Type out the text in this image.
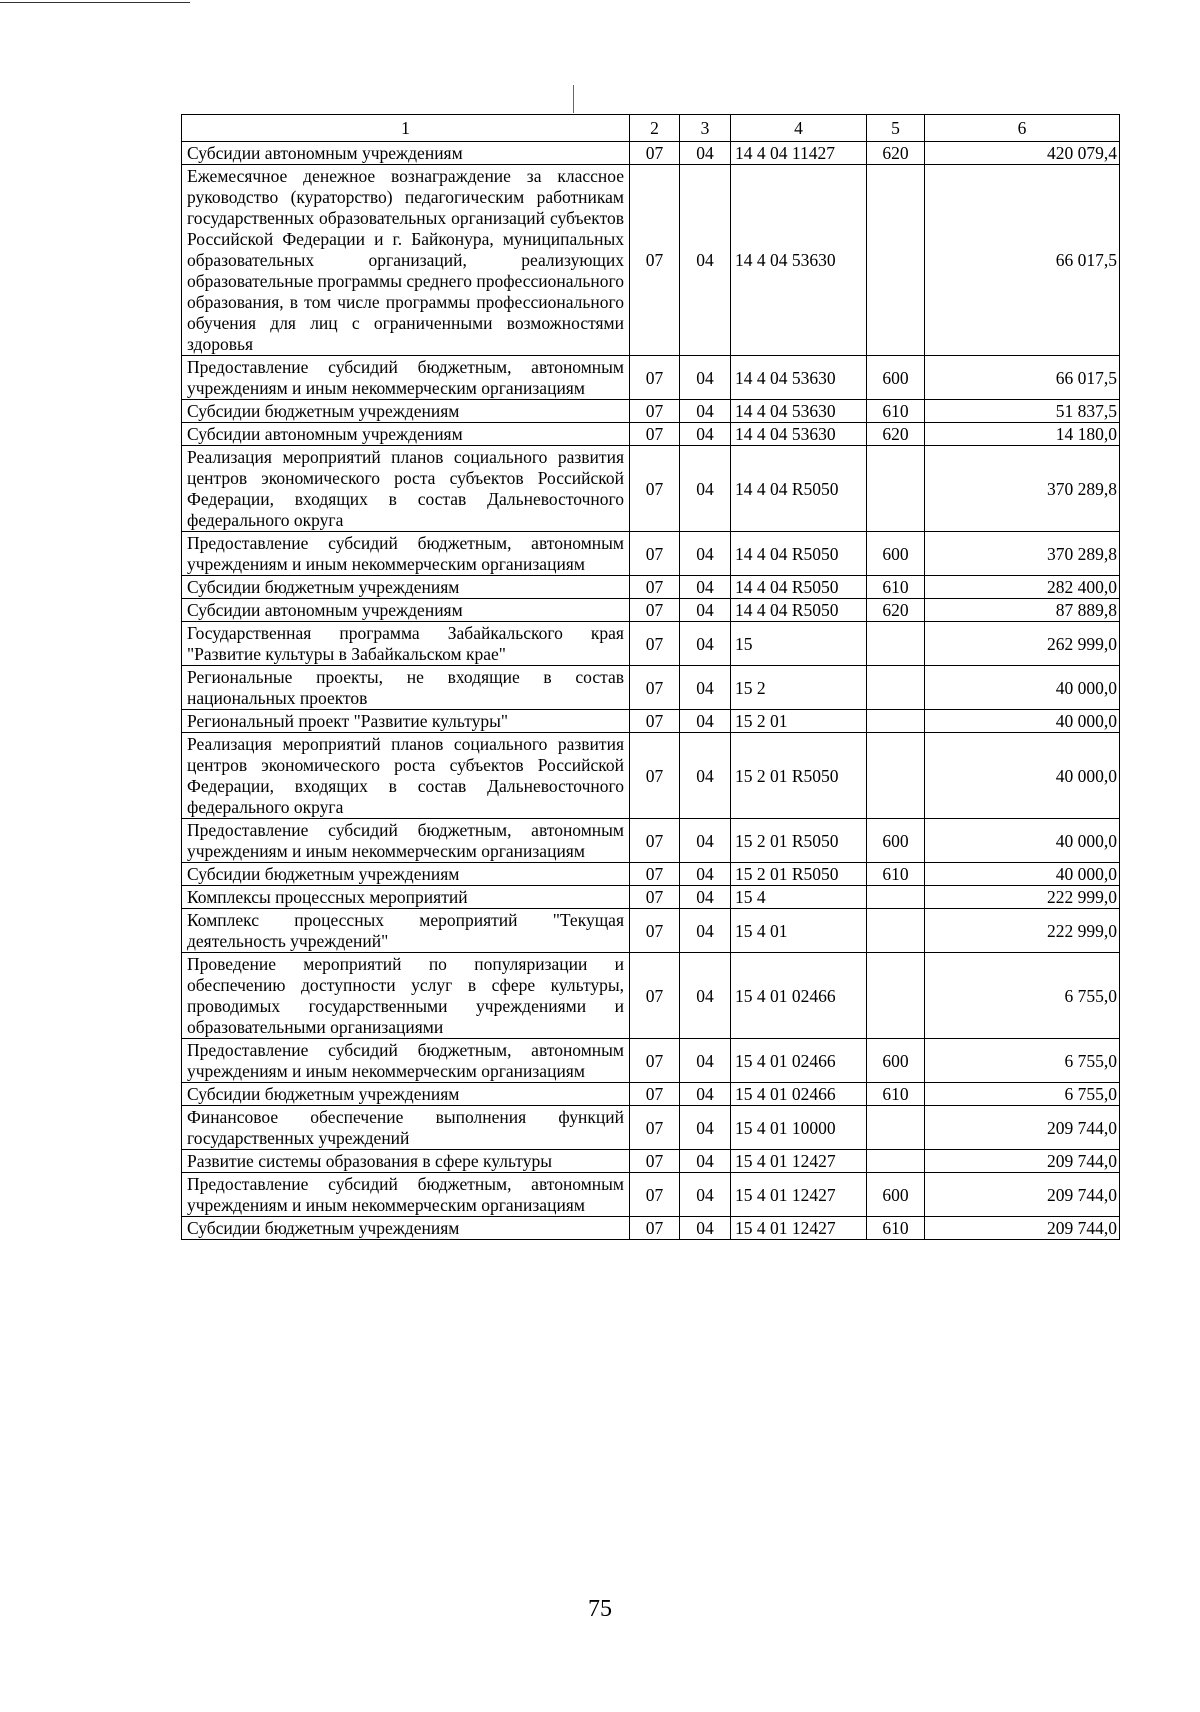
1	2	3	4	5	6
Субсидии автономным учреждениям	07	04	14 4 04 11427	620	420 079,4
Ежемесячное денежное вознаграждение за классное руководство (кураторство) педагогическим работникам государственных образовательных организаций субъектов Российской Федерации и г. Байконура, муниципальных образовательных организаций, реализующих образовательные программы среднего профессионального образования, в том числе программы профессионального обучения для лиц с ограниченными возможностями здоровья	07	04	14 4 04 53630		66 017,5
Предоставление субсидий бюджетным, автономным учреждениям и иным некоммерческим организациям	07	04	14 4 04 53630	600	66 017,5
Субсидии бюджетным учреждениям	07	04	14 4 04 53630	610	51 837,5
Субсидии автономным учреждениям	07	04	14 4 04 53630	620	14 180,0
Реализация мероприятий планов социального развития центров экономического роста субъектов Российской Федерации, входящих в состав Дальневосточного федерального округа	07	04	14 4 04 R5050		370 289,8
Предоставление субсидий бюджетным, автономным учреждениям и иным некоммерческим организациям	07	04	14 4 04 R5050	600	370 289,8
Субсидии бюджетным учреждениям	07	04	14 4 04 R5050	610	282 400,0
Субсидии автономным учреждениям	07	04	14 4 04 R5050	620	87 889,8
Государственная программа Забайкальского края "Развитие культуры в Забайкальском крае"	07	04	15		262 999,0
Региональные проекты, не входящие в состав национальных проектов	07	04	15 2		40 000,0
Региональный проект "Развитие культуры"	07	04	15 2 01		40 000,0
Реализация мероприятий планов социального развития центров экономического роста субъектов Российской Федерации, входящих в состав Дальневосточного федерального округа	07	04	15 2 01 R5050		40 000,0
Предоставление субсидий бюджетным, автономным учреждениям и иным некоммерческим организациям	07	04	15 2 01 R5050	600	40 000,0
Субсидии бюджетным учреждениям	07	04	15 2 01 R5050	610	40 000,0
Комплексы процессных мероприятий	07	04	15 4		222 999,0
Комплекс процессных мероприятий "Текущая деятельность учреждений"	07	04	15 4 01		222 999,0
Проведение мероприятий по популяризации и обеспечению доступности услуг в сфере культуры, проводимых государственными учреждениями и образовательными организациями	07	04	15 4 01 02466		6 755,0
Предоставление субсидий бюджетным, автономным учреждениям и иным некоммерческим организациям	07	04	15 4 01 02466	600	6 755,0
Субсидии бюджетным учреждениям	07	04	15 4 01 02466	610	6 755,0
Финансовое обеспечение выполнения функций государственных учреждений	07	04	15 4 01 10000		209 744,0
Развитие системы образования в сфере культуры	07	04	15 4 01 12427		209 744,0
Предоставление субсидий бюджетным, автономным учреждениям и иным некоммерческим организациям	07	04	15 4 01 12427	600	209 744,0
Субсидии бюджетным учреждениям	07	04	15 4 01 12427	610	209 744,0
75
